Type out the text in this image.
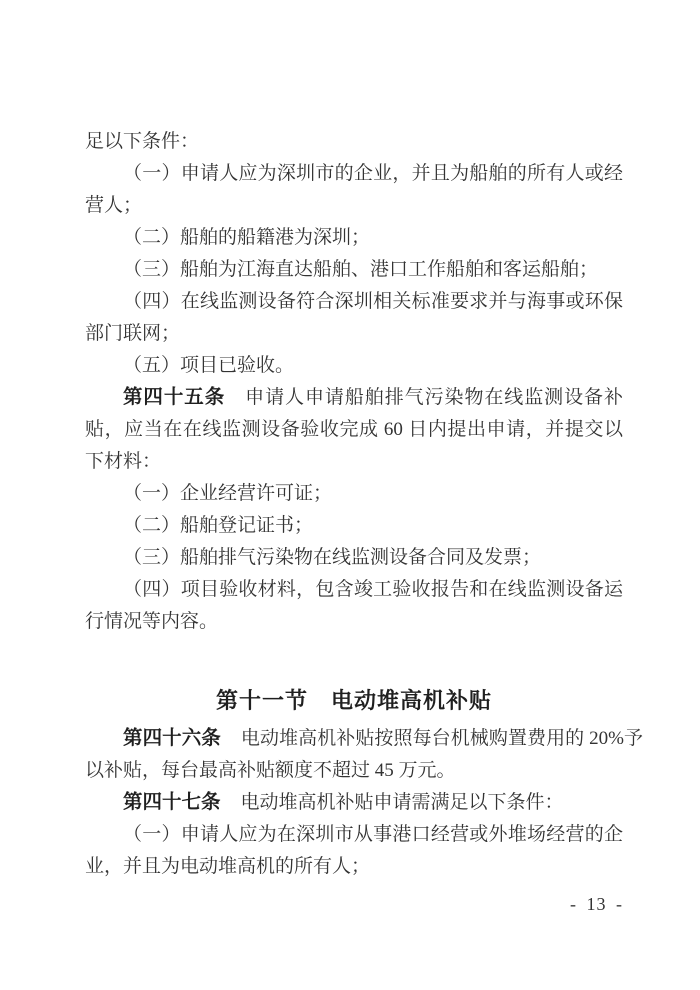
足以下条件：

（一）申请人应为深圳市的企业，并且为船舶的所有人或经营人；

（二）船舶的船籍港为深圳；

（三）船舶为江海直达船舶、港口工作船舶和客运船舶；

（四）在线监测设备符合深圳相关标准要求并与海事或环保部门联网；

（五）项目已验收。

第四十五条 申请人申请船舶排气污染物在线监测设备补贴，应当在在线监测设备验收完成 60 日内提出申请，并提交以下材料：

（一）企业经营许可证；

（二）船舶登记证书；

（三）船舶排气污染物在线监测设备合同及发票；

（四）项目验收材料，包含竣工验收报告和在线监测设备运行情况等内容。

第十一节　电动堆高机补贴

第四十六条 电动堆高机补贴按照每台机械购置费用的 20%予以补贴，每台最高补贴额度不超过 45 万元。

第四十七条 电动堆高机补贴申请需满足以下条件：

（一）申请人应为在深圳市从事港口经营或外堆场经营的企业，并且为电动堆高机的所有人；

- 13 -
